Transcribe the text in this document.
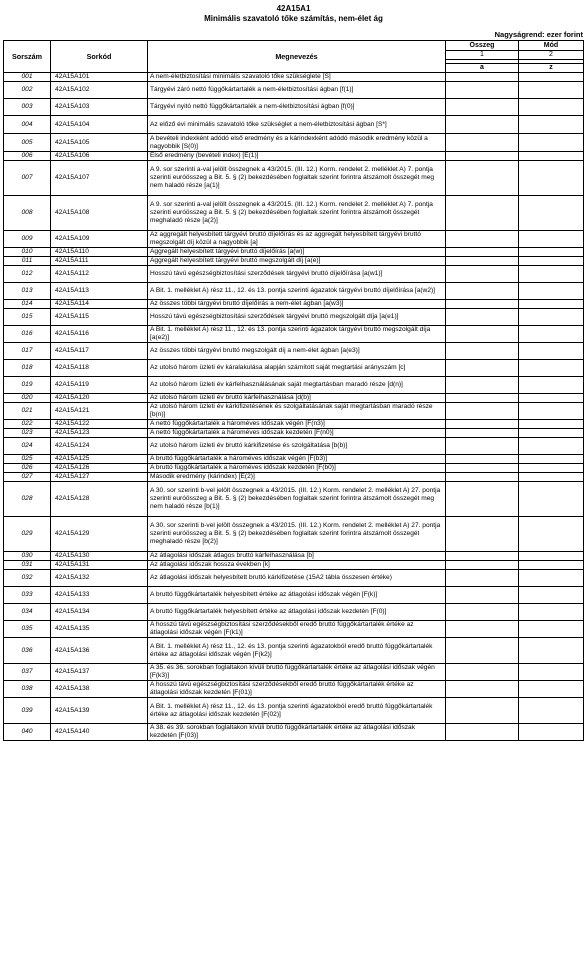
42A15A1
Minimális szavatoló tőke számítás, nem-élet ág
Nagyságrend: ezer forint
Sorszám	Sorkód	Megnevezés	Összeg	Mód
			1	2

			a	z
001	42A15A101	A nem-életbiztosítási minimális szavatoló tőke szükséglete [S]		
002	42A15A102	Tárgyévi záró nettó függőkártartalék a nem-életbiztosítási ágban [f(1)]		
003	42A15A103	Tárgyévi nyitó nettó függőkártartalék a nem-életbiztosítási ágban [f(0)]		
004	42A15A104	Az előző évi minimális szavatoló tőke szükséglet a nem-életbiztosítási ágban [S*]		
005	42A15A105	A bevételi indexként adódó első eredmény és a kárindexként adódó második eredmény közül a nagyobbik [S(0)]		
006	42A15A106	Első eredmény (bevételi index) [E(1)]		
007	42A15A107	A 9. sor szerinti a-val jelölt összegnek a 43/2015. (III. 12.) Korm. rendelet 2. melléklet A) 7. pontja szerinti euróösszeg a Bit. 5. § (2) bekezdésében foglaltak szerint forintra átszámolt összegét meg nem haladó része [a(1)]		
008	42A15A108	A 9. sor szerinti a-val jelölt összegnek a 43/2015. (III. 12.) Korm. rendelet 2. melléklet A) 7. pontja szerinti euróösszeg a Bit. 5. § (2) bekezdésében foglaltak szerint forintra átszámolt összegét meghaladó része [a(2)]		
009	42A15A109	Az aggregált helyesbített tárgyévi bruttó díjelőírás és az aggregált helyesbített tárgyévi bruttó megszolgált díj közül a nagyobbik [a]		
010	42A15A110	Aggregált helyesbített tárgyévi bruttó díjelőírás [a(w)]		
011	42A15A111	Aggregált helyesbített tárgyévi bruttó megszolgált díj [a(e)]		
012	42A15A112	Hosszú távú egészségbiztosítási szerződések tárgyévi bruttó díjelőírása [a(w1)]		
013	42A15A113	A Bit. 1. melléklet A) rész 11., 12. és 13. pontja szerinti ágazatok tárgyévi bruttó díjelőírása [a(w2)]		
014	42A15A114	Az összes többi tárgyévi bruttó díjelőírás a nem-élet ágban [a(w3)]		
015	42A15A115	Hosszú távú egészségbiztosítási szerződések tárgyévi bruttó megszolgált díja [a(e1)]		
016	42A15A116	A Bit. 1. melléklet A) rész 11., 12. és 13. pontja szerinti ágazatok tárgyévi bruttó megszolgált díja [a(e2)]		
017	42A15A117	Az összes többi tárgyévi bruttó megszolgált díj a nem-élet ágban [a(e3)]		
018	42A15A118	Az utolsó három üzleti év káralakulása alapján számított saját megtartási arányszám [c]		
019	42A15A119	Az utolsó három üzleti év kárfelhasználásának saját megtartásban maradó része [d(n)]		
020	42A15A120	Az utolsó három üzleti év bruttó kárfelhasználása [d(b)]		
021	42A15A121	Az utolsó három üzleti év kárkifizetésének és szolgáltatásának saját megtartásban maradó része [b(n)]		
022	42A15A122	A nettó függőkártartalék a hároméves időszak végén [F(n3)]		
023	42A15A123	A nettó függőkártartalék a hároméves időszak kezdetén [F(n0)]		
024	42A15A124	Az utolsó három üzleti év bruttó kárkifizetése és szolgáltatása [b(b)]		
025	42A15A125	A bruttó függőkártartalék a hároméves időszak végén [F(b3)]		
026	42A15A126	A bruttó függőkártartalék a hároméves időszak kezdetén [F(b0)]		
027	42A15A127	Második eredmény (kárindex) [E(2)]		
028	42A15A128	A 30. sor szerinti b-vel jelölt összegnek a 43/2015. (III. 12.) Korm. rendelet 2. melléklet A) 27. pontja szerinti euróösszeg a Bit. 5. § (2) bekezdésében foglaltak szerint forintra átszámolt összegét meg nem haladó része [b(1)]		
029	42A15A129	A 30. sor szerinti b-vel jelölt összegnek a 43/2015. (III. 12.) Korm. rendelet 2. melléklet A) 27. pontja szerinti euróösszeg a Bit. 5. § (2) bekezdésében foglaltak szerint forintra átszámolt összegét meghaladó része [b(2)]		
030	42A15A130	Az átlagolási időszak átlagos bruttó kárfelhasználása [b]		
031	42A15A131	Az átlagolási időszak hossza években [k]		
032	42A15A132	Az átlagolási időszak helyesbített bruttó kárkifizetése (15A2 tábla összesen értéke)		
033	42A15A133	A bruttó függőkártartalék helyesbített értéke az átlagolási időszak végén [F(k)]		
034	42A15A134	A bruttó függőkártartalék helyesbített értéke az átlagolási időszak kezdetén [F(0)]		
035	42A15A135	A hosszú távú egészségbiztosítási szerződésekből eredő bruttó függőkártartalék értéke az átlagolási időszak végén [F(k1)]		
036	42A15A136	A Bit. 1. melléklet A) rész 11., 12. és 13. pontja szerinti ágazatokból eredő bruttó függőkártartalék értéke az átlagolási időszak végén [F(k2)]		
037	42A15A137	A 35. és 36. sorokban foglaltakon kívüli bruttó függőkártartalék értéke az átlagolási időszak végén [F(k3)]		
038	42A15A138	A hosszú távú egészségbiztosítási szerződésekből eredő bruttó függőkártartalék értéke az átlagolási időszak kezdetén [F(01)]		
039	42A15A139	A Bit. 1. melléklet A) rész 11., 12. és 13. pontja szerinti ágazatokból eredő bruttó függőkártartalék értéke az átlagolási időszak kezdetén [F(02)]		
040	42A15A140	A 38. és 39. sorokban foglaltakon kívüli bruttó függőkártartalék értéke az átlagolási időszak kezdetén [F(03)]		
